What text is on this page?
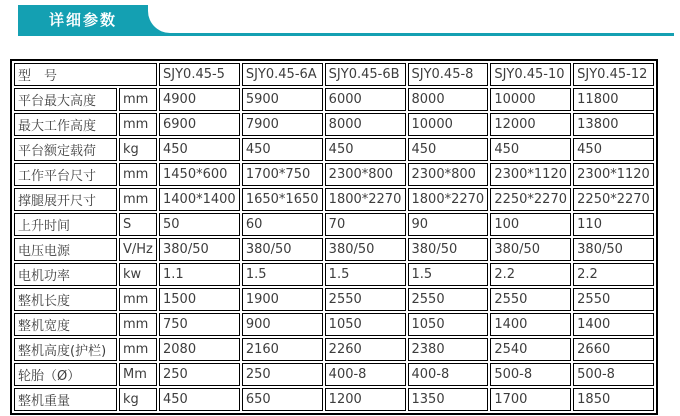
详细参数
型　号		SJY0.45-5	SJY0.45-6A	SJY0.45-6B	SJY0.45-8	SJY0.45-10	SJY0.45-12
平台最大高度	mm	4900	5900	6000	8000	10000	11800
最大工作高度	mm	6900	7900	8000	10000	12000	13800
平台额定载荷	kg	450	450	450	450	450	450
工作平台尺寸	mm	1450*600	1700*750	2300*800	2300*800	2300*1120	2300*1120
撑腿展开尺寸	mm	1400*1400	1650*1650	1800*2270	1800*2270	2250*2270	2250*2270
上升时间	S	50	60	70	90	100	110
电压电源	V/Hz	380/50	380/50	380/50	380/50	380/50	380/50
电机功率	kw	1.1	1.5	1.5	1.5	2.2	2.2
整机长度	mm	1500	1900	2550	2550	2550	2550
整机宽度	mm	750	900	1050	1050	1400	1400
整机高度(护栏)	mm	2080	2160	2260	2380	2540	2660
轮胎（Ø）	Mm	250	250	400-8	400-8	500-8	500-8
整机重量	kg	450	650	1200	1350	1700	1850
